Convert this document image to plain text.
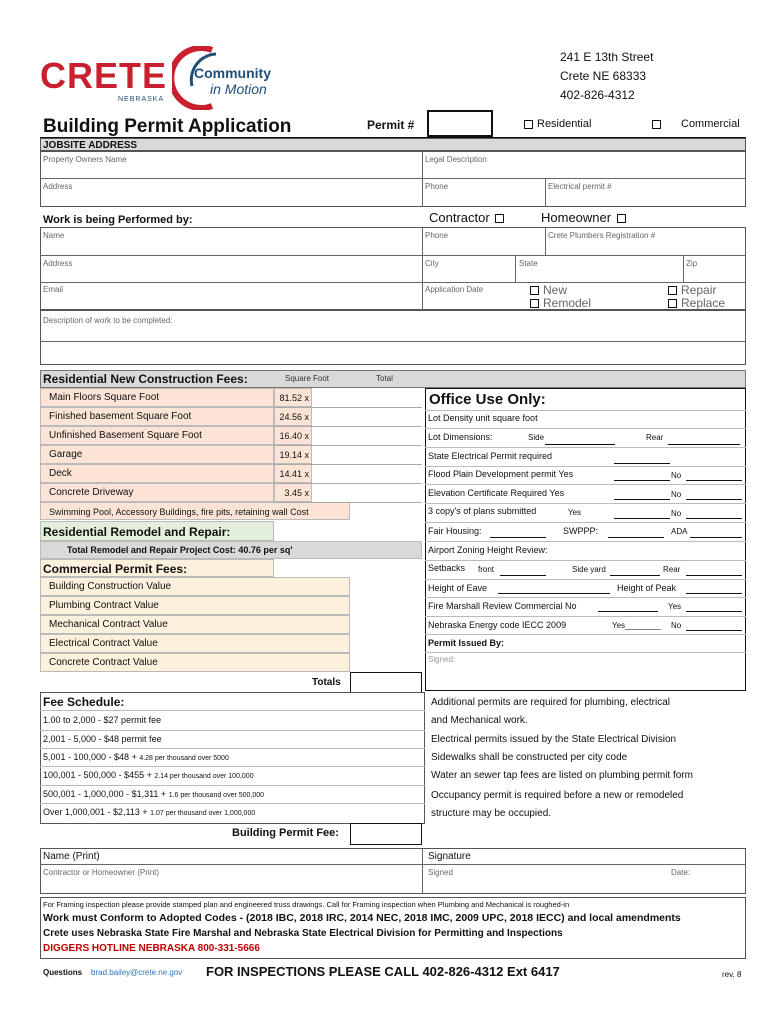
CRETE
NEBRASKA
Community
in Motion
241 E 13th Street
Crete NE 68333
402-826-4312
Building Permit Application	Permit #	Residential	Commercial
JOBSITE ADDRESS
Property Owners Name	Legal Description
Address	Phone	Electrical permit #
Work is being Performed by:	Contractor	Homeowner
Name	Phone	Crete Plumbers Registration #
Address	City	State	Zip
Email	Application Date	New
Remodel
Repair
Replace
Description of work to be completed:
Residential New Construction Fees:	Square Foot	Total
Main Floors Square Foot	81.52 x
Finished basement Square Foot	24.56 x
Unfinished Basement Square Foot	16.40 x
Garage	19.14 x
Deck	14.41 x
Concrete Driveway	3.45 x
Swimming Pool, Accessory Buildings, fire pits, retaining wall Cost
Residential Remodel and Repair:
Total Remodel and Repair Project Cost: 40.76 per sq'
Commercial Permit Fees:
Building Construction Value
Plumbing Contract Value
Mechanical Contract Value
Electrical Contract Value
Concrete Contract Value
Totals
Office Use Only:
Lot Density unit square foot
Lot Dimensions:	Side	Rear
State Electrical Permit required
Flood Plain Development permit Yes	No
Elevation Certificate Required Yes	No
3 copy's of plans submitted	Yes	No
Fair Housing:	SWPPP:	ADA
Airport Zoning Height Review:
Setbacks front	Side yard	Rear
Height of Eave	Height of Peak
Fire Marshall Review Commercial No	Yes
Nebraska Energy code IECC 2009	Yes________ No
Permit Issued By:
Signed:
Fee Schedule:
1.00 to 2,000 - $27 permit fee
2,001 - 5,000 - $48 permit fee
5,001 - 100,000 - $48 + 4.28 per thousand over 5000
100,001 - 500,000 - $455 + 2.14 per thousand over 100,000
500,001 - 1,000,000 - $1,311 + 1.6 per thousand over 500,000
Over 1,000,001 - $2,113 + 1.07 per thousand over 1,000,000
Building Permit Fee:
Additional permits are required for plumbing, electrical
and Mechanical work.
Electrical permits issued by the State Electrical Division
Sidewalks shall be constructed per city code
Water an sewer tap fees are listed on plumbing permit form
Occupancy permit is required before a new or remodeled
structure may be occupied.
Name (Print)	Signature
Contractor or Homeowner (Print)	Signed	Date:
For Framing inspection please provide stamped plan and engineered truss drawings. Call for Framing inspection when Plumbing and Mechanical is roughed-in
Work must Conform to Adopted Codes - (2018 IBC, 2018 IRC, 2014 NEC, 2018 IMC, 2009 UPC, 2018 IECC) and local amendments
Crete uses Nebraska State Fire Marshal and Nebraska State Electrical Division for Permitting and Inspections
DIGGERS HOTLINE NEBRASKA 800-331-5666
Questions brad.bailey@crete.ne.gov FOR INSPECTIONS PLEASE CALL 402-826-4312 Ext 6417	rev. 8
